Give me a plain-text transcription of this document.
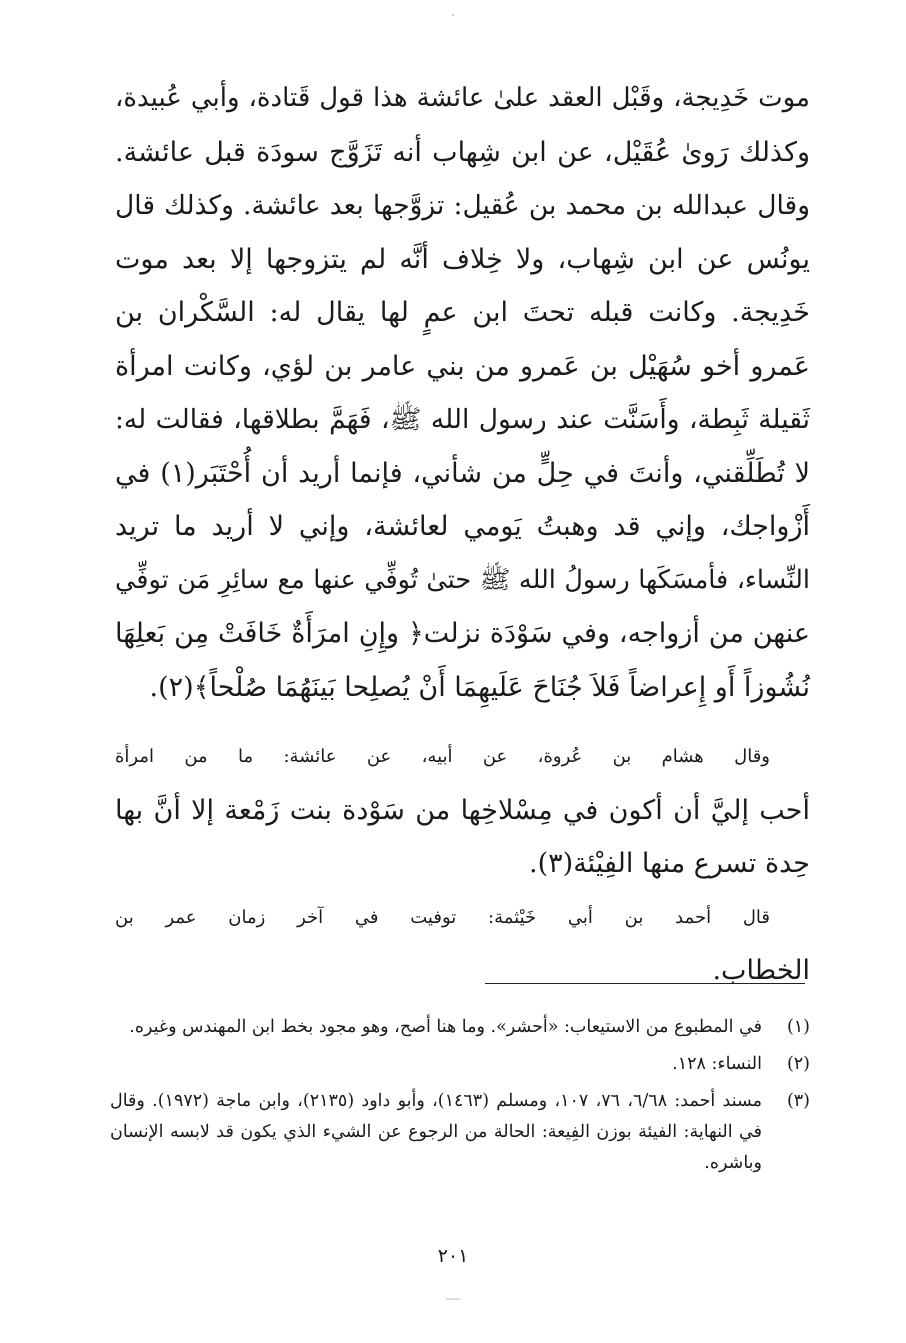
موت خَدِيجة، وقَبْل العقد علىٰ عائشة هذا قول قَتادة، وأبي عُبيدة،
وكذلك رَوىٰ عُقَيْل، عن ابن شِهاب أنه تَزَوَّج سودَة قبل عائشة.
وقال عبدالله بن محمد بن عُقيل: تزوَّجها بعد عائشة. وكذلك قال
يونُس عن ابن شِهاب، ولا خِلاف أنَّه لم يتزوجها إلا بعد موت
خَدِيجة. وكانت قبله تحتَ ابن عمٍ لها يقال له: السَّكْران بن
عَمرو أخو سُهَيْل بن عَمرو من بني عامر بن لؤي، وكانت امرأة
ثَقيلة ثَبِطة، وأَسَنَّت عند رسول الله ﷺ، فَهَمَّ بطلاقها، فقالت له:
لا تُطَلِّقني، وأنتَ في حِلٍّ من شأني، فإنما أريد أن أُحْتَبَر(١) في
أَزْواجك، وإني قد وهبتُ يَومي لعائشة، وإني لا أريد ما تريد
النِّساء، فأمسَكَها رسولُ الله ﷺ حتىٰ تُوفِّي عنها مع سائِرِ مَن توفِّي
عنهن من أزواجه، وفي سَوْدَة نزلت﴿ وإِنِ امرَأَةٌ خَافَتْ مِن بَعلِهَا
نُشُوزاً أَو إِعراضاً فَلاَ جُنَاحَ عَلَيهِمَا أَنْ يُصلِحا بَينَهُمَا صُلْحاً﴾(٢).

وقال هشام بن عُروة، عن أبيه، عن عائشة: ما من امرأة
أحب إليَّ أن أكون في مِسْلاخِها من سَوْدة بنت زَمْعة إلا أنَّ بها
حِدة تسرع منها الفِيْئة(٣).

قال أحمد بن أبي خَيْثمة: توفيت في آخر زمان عمر بن
الخطاب.

(١)
في المطبوع من الاستيعاب: «أحشر». وما هنا أصح، وهو مجود بخط ابن المهندس وغيره.
(٢)
النساء: ١٢٨.
(٣)
مسند أحمد: ٦/٦٨، ٧٦، ١٠٧، ومسلم (١٤٦٣)، وأبو داود (٢١٣٥)، وابن ماجة (١٩٧٢). وقال في النهاية: الفيئة بوزن الفِيعة: الحالة من الرجوع عن الشيء الذي يكون قد لابسه الإنسان وباشره.
٢٠١
